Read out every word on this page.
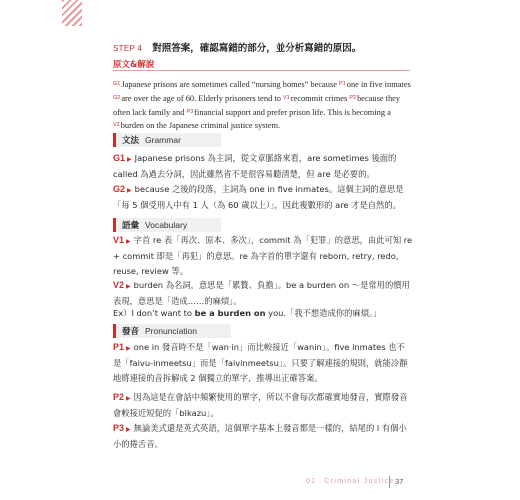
STEP 4 對照答案，確認寫錯的部分，並分析寫錯的原因。
原文&解說
$^{G1}$Japanese prisons are sometimes called “nursing homes” because $^{P1}$one in five inmates $^{G2}$are over the age of 60. Elderly prisoners tend to $^{V1}$recommit crimes $^{P2}$because they often lack family and $^{P3}$financial support and prefer prison life. This is becoming a $^{V2}$burden on the Japanese criminal justice system.
文法 Grammar
G1 ▶ Japanese prisons 為主詞，從文章脈絡來看，are sometimes 後面的 called 為過去分詞，因此雖然省不是很容易聽清楚，但 are 是必要的。
G2 ▶ because 之後的段落，主詞為 one in five inmates。這個主詞的意思是「每 5 個受刑人中有 1 人（為 60 歲以上）」，因此複數形的 are 才是自然的。
語彙 Vocabulary
V1 ▶ 字首 re 表「再次、原本、多次」，commit 為「犯罪」的意思，由此可知 re + commit 即是「再犯」的意思。re 為字首的單字還有 reborn, retry, redo, reuse, review 等。
V2 ▶ burden 為名詞，意思是「累贅、負擔」。be a burden on ～是常用的慣用表現，意思是「造成……的麻煩」。
Ex）I don’t want to be a burden on you.「我不想造成你的麻煩。」
發音 Pronunciation
P1 ▶ one in 發音時不是「wan·in」而比較接近「wanin」。five inmates 也不是「faivu-inmeetsu」而是「faivinmeetsu」。只要了解連接的規則，就能冷靜地將連接的音拆解成 2 個獨立的單字，推導出正確答案。
P2 ▶ 因為這是在會話中頻繁使用的單字，所以不會每次都確實地發音，實際發音會較接近短促的「bikazu」。
P3 ▶ 無論美式還是英式英語，這個單字基本上發音都是一樣的，結尾的 l 有個小小的捲舌音。
02 Criminal Justice 37
